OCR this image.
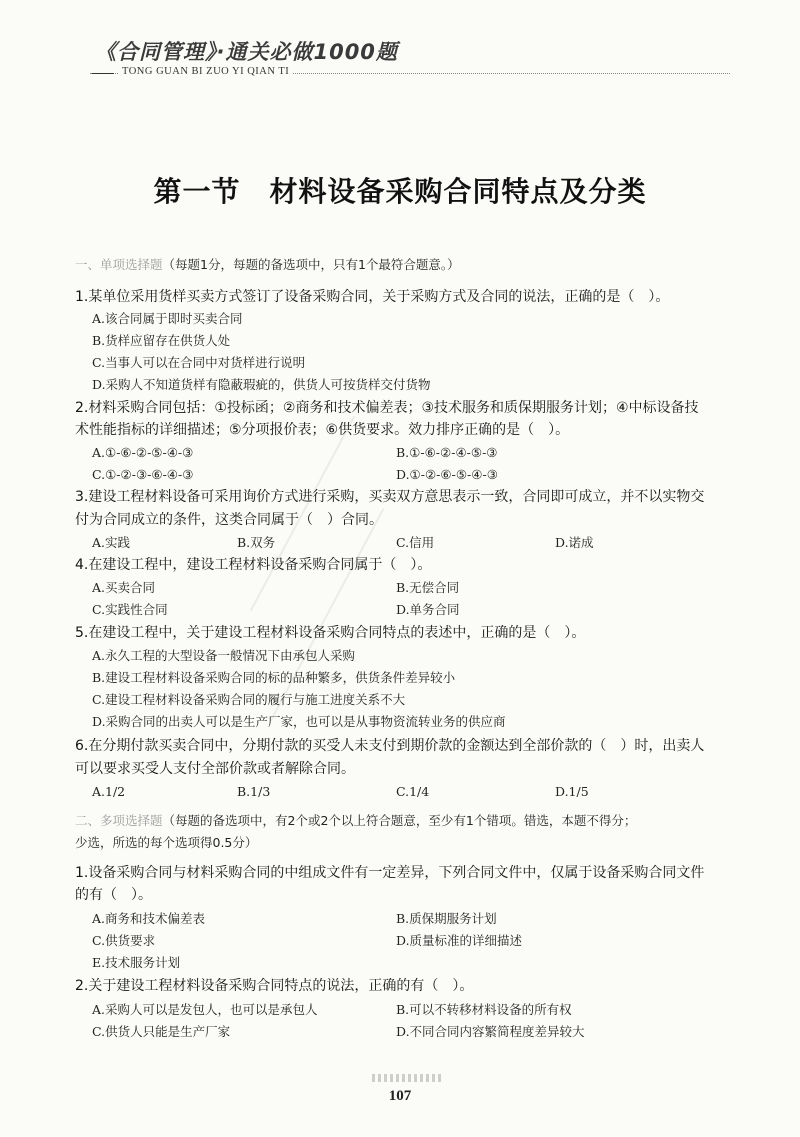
《合同管理》·通关必做1000题
TONG GUAN BI ZUO YI QIAN TI
第一节　材料设备采购合同特点及分类
一、单项选择题（每题1分，每题的备选项中，只有1个最符合题意。）
1.某单位采用货样买卖方式签订了设备采购合同，关于采购方式及合同的说法，正确的是（　）。
A.该合同属于即时买卖合同
B.货样应留存在供货人处
C.当事人可以在合同中对货样进行说明
D.采购人不知道货样有隐蔽瑕疵的，供货人可按货样交付货物
2.材料采购合同包括：①投标函；②商务和技术偏差表；③技术服务和质保期服务计划；④中标设备技
术性能指标的详细描述；⑤分项报价表；⑥供货要求。效力排序正确的是（　）。
A.①-⑥-②-⑤-④-③	B.①-⑥-②-④-⑤-③
C.①-②-③-⑥-④-③	D.①-②-⑥-⑤-④-③
3.建设工程材料设备可采用询价方式进行采购，买卖双方意思表示一致，合同即可成立，并不以实物交
付为合同成立的条件，这类合同属于（　）合同。
A.实践	B.双务	C.信用	D.诺成
4.在建设工程中，建设工程材料设备采购合同属于（　）。
A.买卖合同	B.无偿合同
C.实践性合同	D.单务合同
5.在建设工程中，关于建设工程材料设备采购合同特点的表述中，正确的是（　）。
A.永久工程的大型设备一般情况下由承包人采购
B.建设工程材料设备采购合同的标的品种繁多，供货条件差异较小
C.建设工程材料设备采购合同的履行与施工进度关系不大
D.采购合同的出卖人可以是生产厂家，也可以是从事物资流转业务的供应商
6.在分期付款买卖合同中，分期付款的买受人未支付到期价款的金额达到全部价款的（　）时，出卖人
可以要求买受人支付全部价款或者解除合同。
A.1/2	B.1/3	C.1/4	D.1/5
二、多项选择题（每题的备选项中，有2个或2个以上符合题意，至少有1个错项。错选，本题不得分；
少选，所选的每个选项得0.5分）
1.设备采购合同与材料采购合同的中组成文件有一定差异，下列合同文件中，仅属于设备采购合同文件
的有（　）。
A.商务和技术偏差表	B.质保期服务计划
C.供货要求	D.质量标准的详细描述
E.技术服务计划
2.关于建设工程材料设备采购合同特点的说法，正确的有（　）。
A.采购人可以是发包人，也可以是承包人	B.可以不转移材料设备的所有权
C.供货人只能是生产厂家	D.不同合同内容繁简程度差异较大
107
